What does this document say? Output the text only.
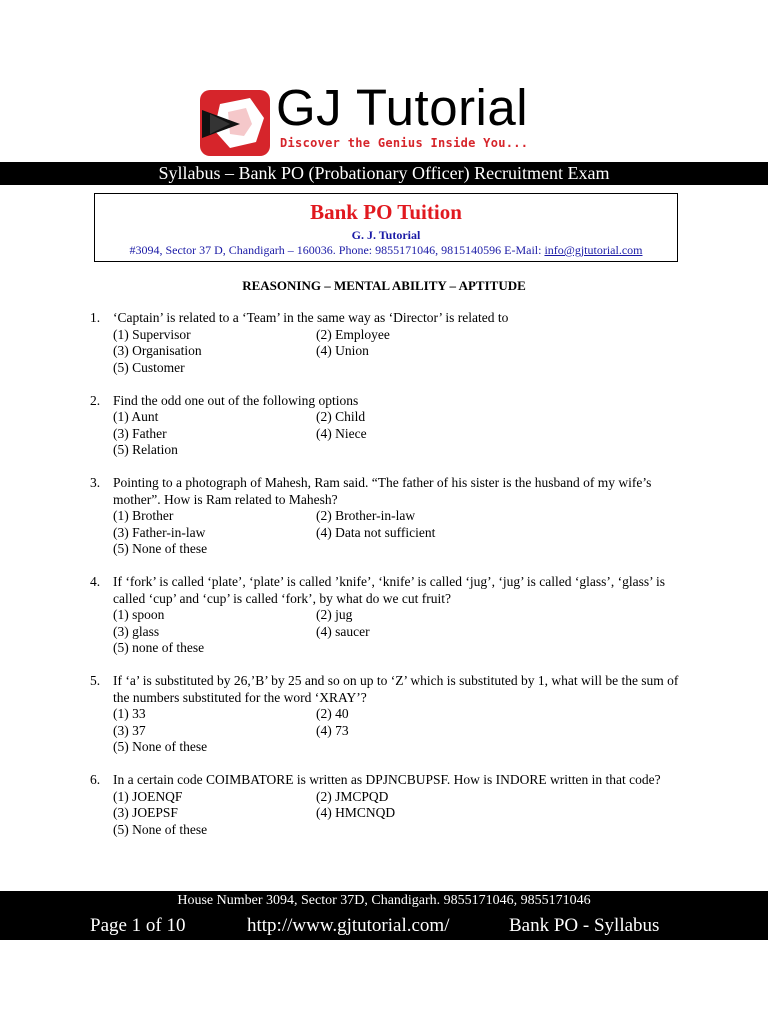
GJ Tutorial
Discover the Genius Inside You...
Syllabus – Bank PO (Probationary Officer) Recruitment Exam
Bank PO Tuition
G. J. Tutorial
#3094, Sector 37 D, Chandigarh – 160036. Phone: 9855171046, 9815140596 E-Mail: info@gjtutorial.com
REASONING – MENTAL ABILITY – APTITUDE
1. ‘Captain’ is related to a ‘Team’ in the same way as ‘Director’ is related to
(1) Supervisor	(2) Employee
(3) Organisation	(4) Union
(5) Customer
2. Find the odd one out of the following options
(1) Aunt	(2) Child
(3) Father	(4) Niece
(5) Relation
3. Pointing to a photograph of Mahesh, Ram said. “The father of his sister is the husband of my wife’s mother”. How is Ram related to Mahesh?
(1) Brother	(2) Brother-in-law
(3) Father-in-law	(4) Data not sufficient
(5) None of these
4. If ‘fork’ is called ‘plate’, ‘plate’ is called ’knife’, ‘knife’ is called ‘jug’, ‘jug’ is called ‘glass’, ‘glass’ is called ‘cup’ and ‘cup’ is called ‘fork’, by what do we cut fruit?
(1) spoon	(2) jug
(3) glass	(4) saucer
(5) none of these
5. If ‘a’ is substituted by 26,’B’ by 25 and so on up to ‘Z’ which is substituted by 1, what will be the sum of the numbers substituted for the word ‘XRAY’?
(1) 33	(2) 40
(3) 37	(4) 73
(5) None of these
6. In a certain code COIMBATORE is written as DPJNCBUPSF. How is INDORE written in that code?
(1) JOENQF	(2) JMCPQD
(3) JOEPSF	(4) HMCNQD
(5) None of these
House Number 3094, Sector 37D, Chandigarh. 9855171046, 9855171046
Page 1 of 10	http://www.gjtutorial.com/	Bank PO - Syllabus
